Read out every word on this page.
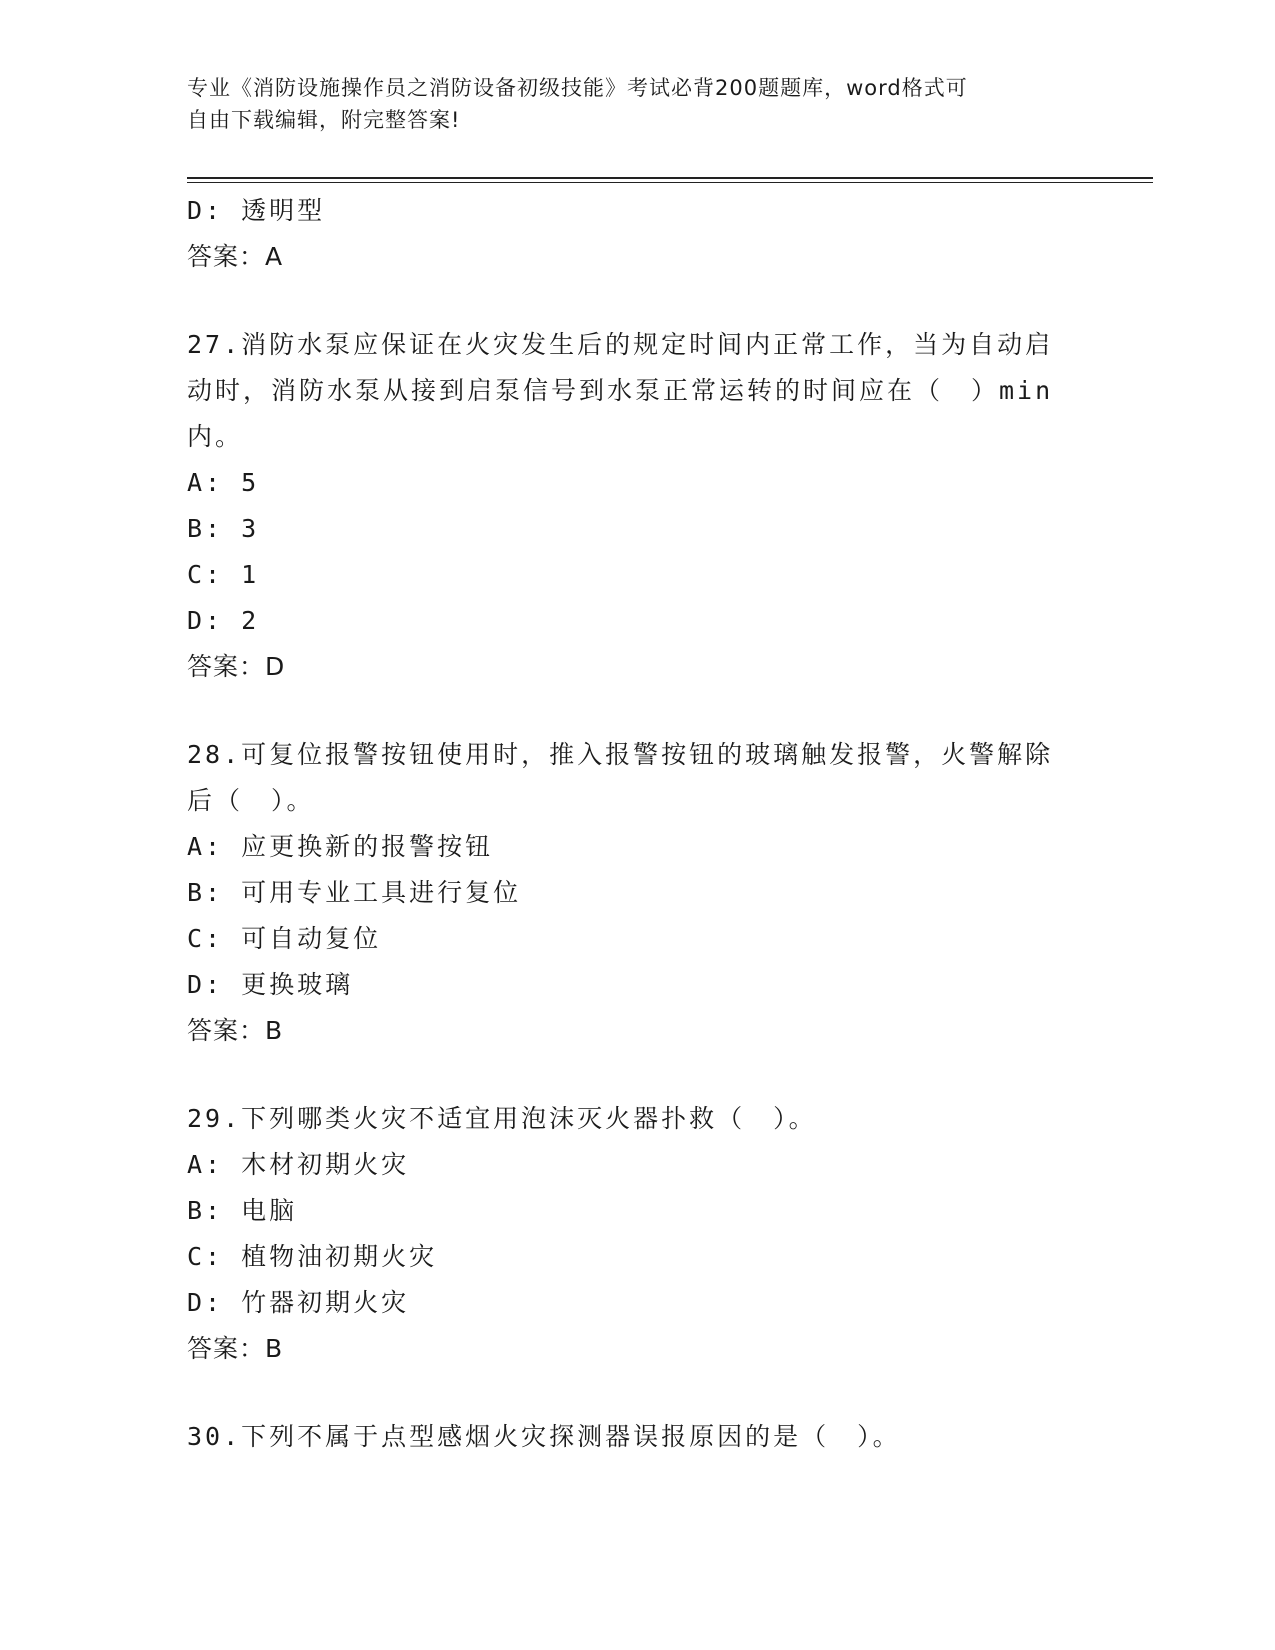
专业《消防设施操作员之消防设备初级技能》考试必背200题题库，word格式可
自由下载编辑，附完整答案!
D: 透明型
答案：A
27.消防水泵应保证在火灾发生后的规定时间内正常工作，当为自动启
动时，消防水泵从接到启泵信号到水泵正常运转的时间应在（　）min
内。
A: 5
B: 3
C: 1
D: 2
答案：D
28.可复位报警按钮使用时，推入报警按钮的玻璃触发报警，火警解除
后（　）。
A: 应更换新的报警按钮
B: 可用专业工具进行复位
C: 可自动复位
D: 更换玻璃
答案：B
29.下列哪类火灾不适宜用泡沫灭火器扑救（　）。
A: 木材初期火灾
B: 电脑
C: 植物油初期火灾
D: 竹器初期火灾
答案：B
30.下列不属于点型感烟火灾探测器误报原因的是（　）。
